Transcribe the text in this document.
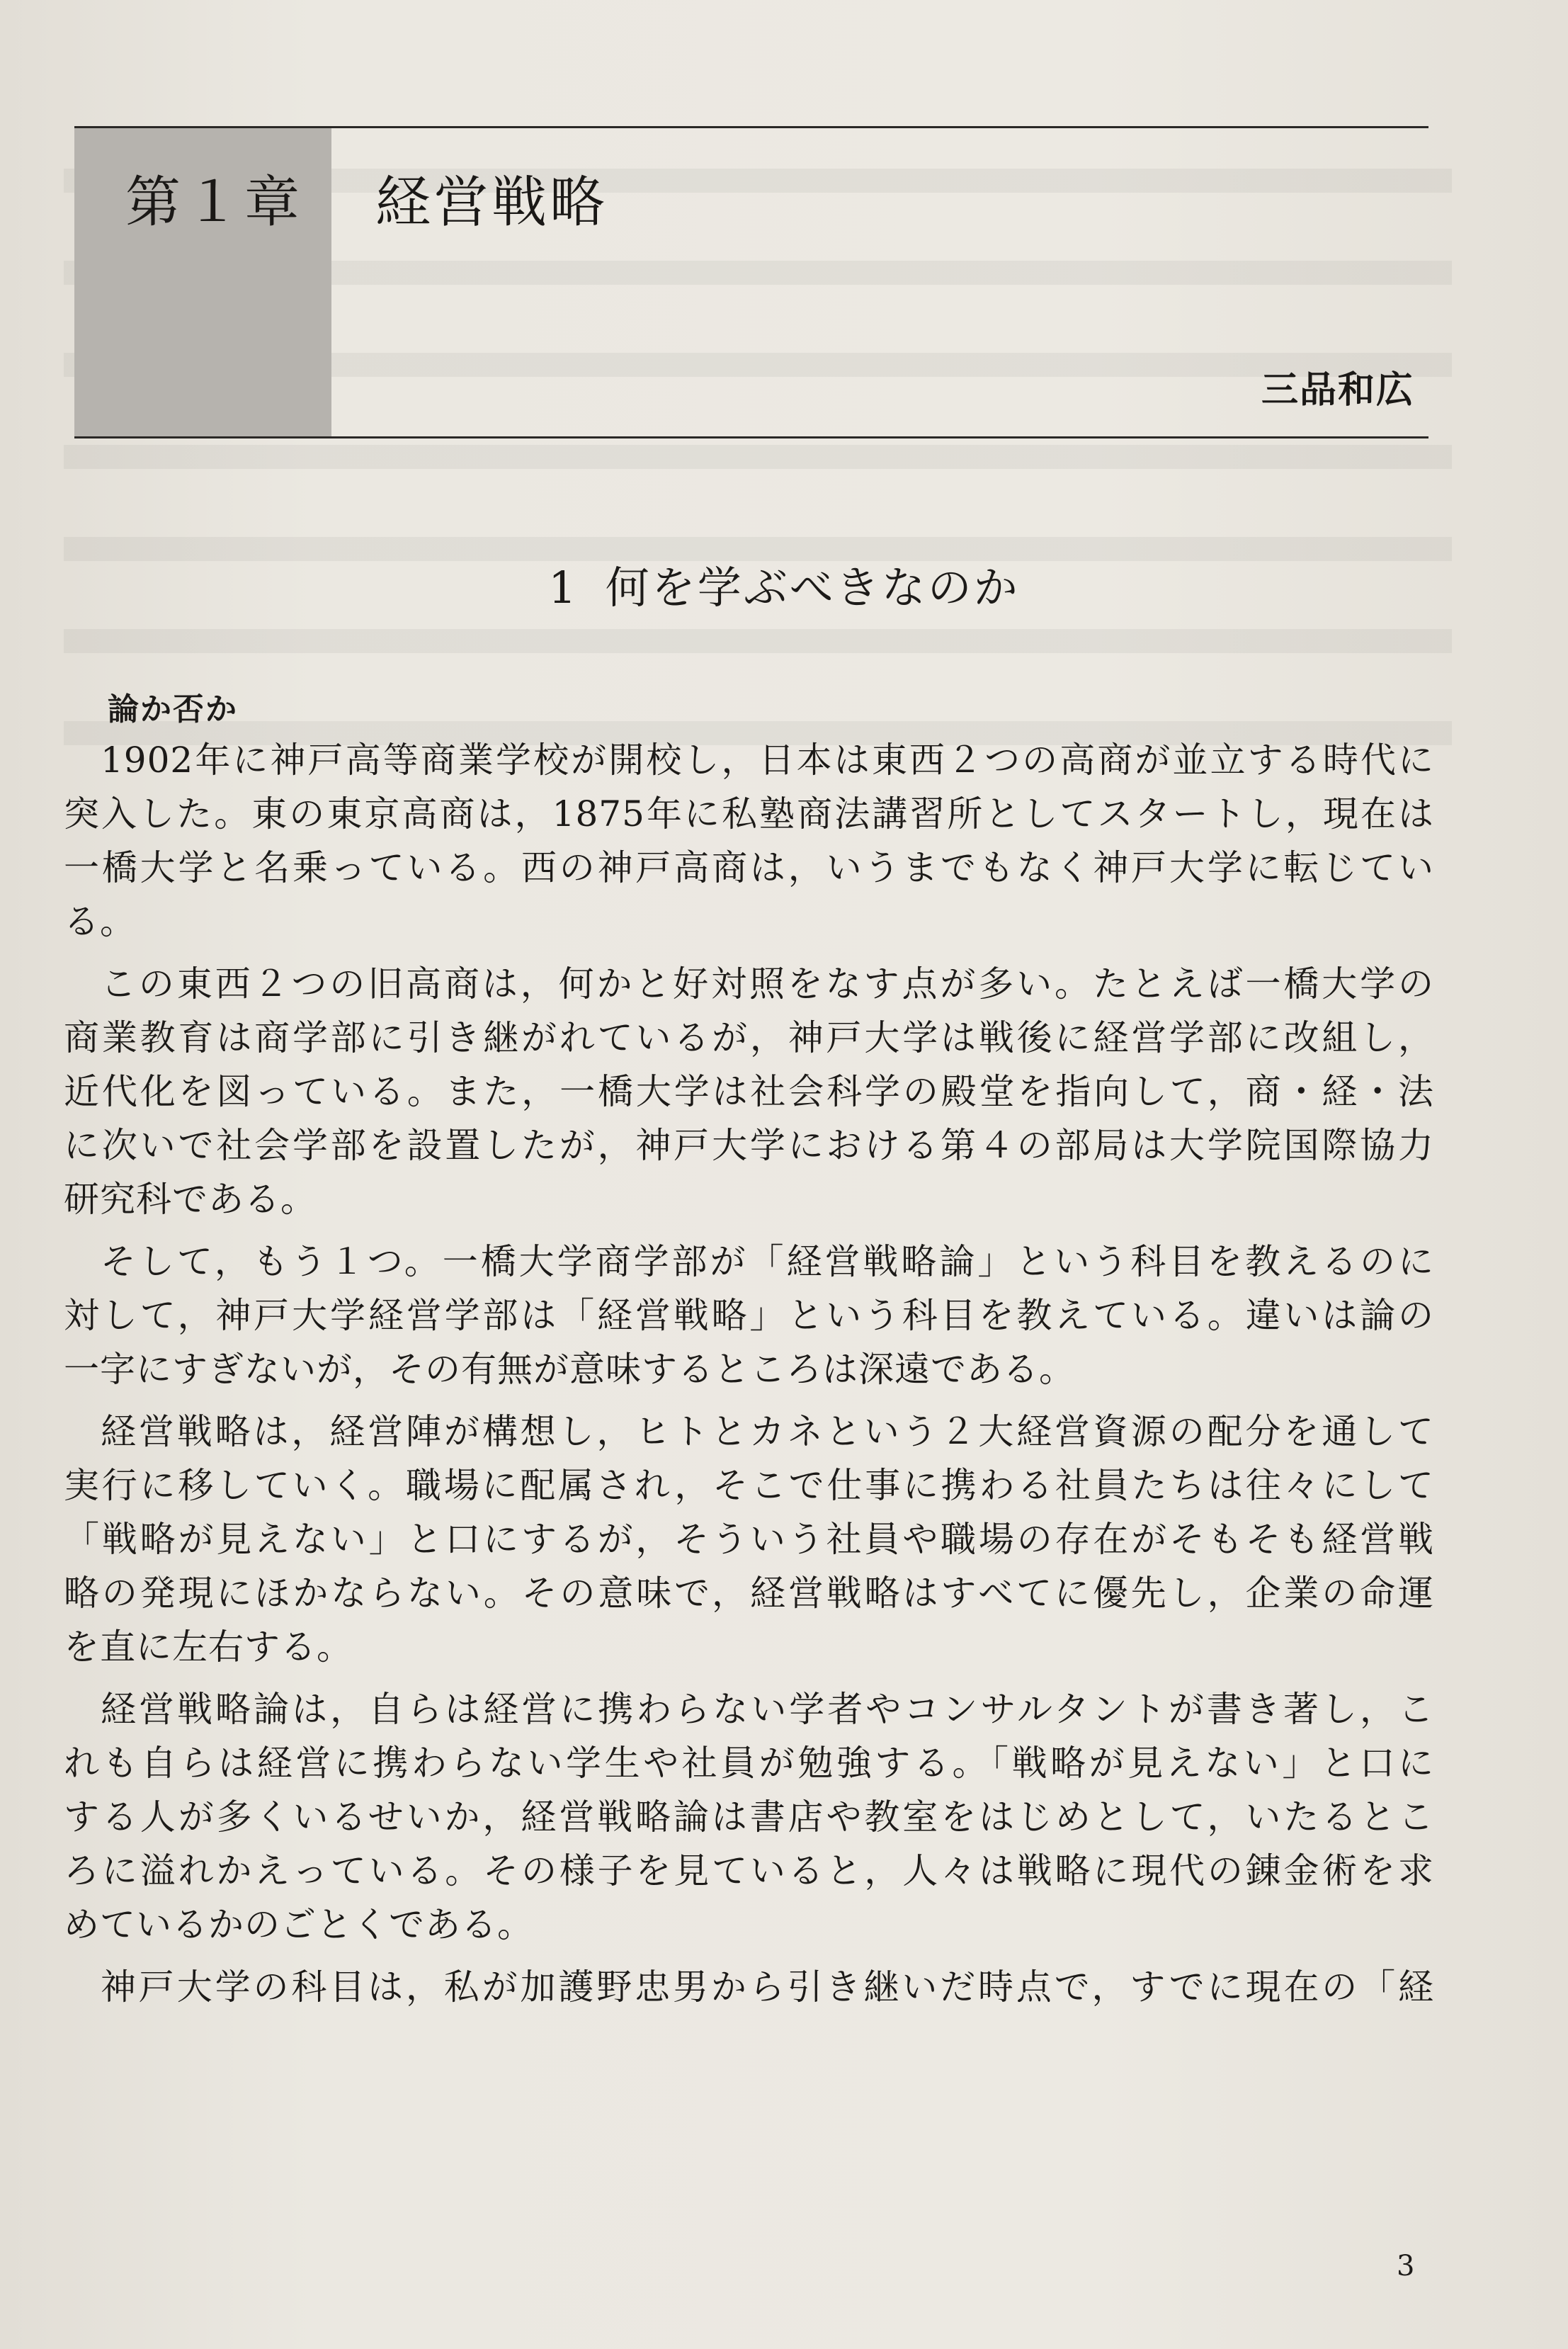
第１章 経営戦略
三品和広
1 何を学ぶべきなのか
論か否か
1902年に神戸高等商業学校が開校し，日本は東西２つの高商が並立する時代に
突入した。東の東京高商は，1875年に私塾商法講習所としてスタートし，現在は
一橋大学と名乗っている。西の神戸高商は，いうまでもなく神戸大学に転じてい
る。
この東西２つの旧高商は，何かと好対照をなす点が多い。たとえば一橋大学の
商業教育は商学部に引き継がれているが，神戸大学は戦後に経営学部に改組し，
近代化を図っている。また，一橋大学は社会科学の殿堂を指向して，商・経・法
に次いで社会学部を設置したが，神戸大学における第４の部局は大学院国際協力
研究科である。
そして，もう１つ。一橋大学商学部が「経営戦略論」という科目を教えるのに
対して，神戸大学経営学部は「経営戦略」という科目を教えている。違いは論の
一字にすぎないが，その有無が意味するところは深遠である。
経営戦略は，経営陣が構想し，ヒトとカネという２大経営資源の配分を通して
実行に移していく。職場に配属され，そこで仕事に携わる社員たちは往々にして
「戦略が見えない」と口にするが，そういう社員や職場の存在がそもそも経営戦
略の発現にほかならない。その意味で，経営戦略はすべてに優先し，企業の命運
を直に左右する。
経営戦略論は，自らは経営に携わらない学者やコンサルタントが書き著し，こ
れも自らは経営に携わらない学生や社員が勉強する。「戦略が見えない」と口に
する人が多くいるせいか，経営戦略論は書店や教室をはじめとして，いたるとこ
ろに溢れかえっている。その様子を見ていると，人々は戦略に現代の錬金術を求
めているかのごとくである。
神戸大学の科目は，私が加護野忠男から引き継いだ時点で，すでに現在の「経
3
